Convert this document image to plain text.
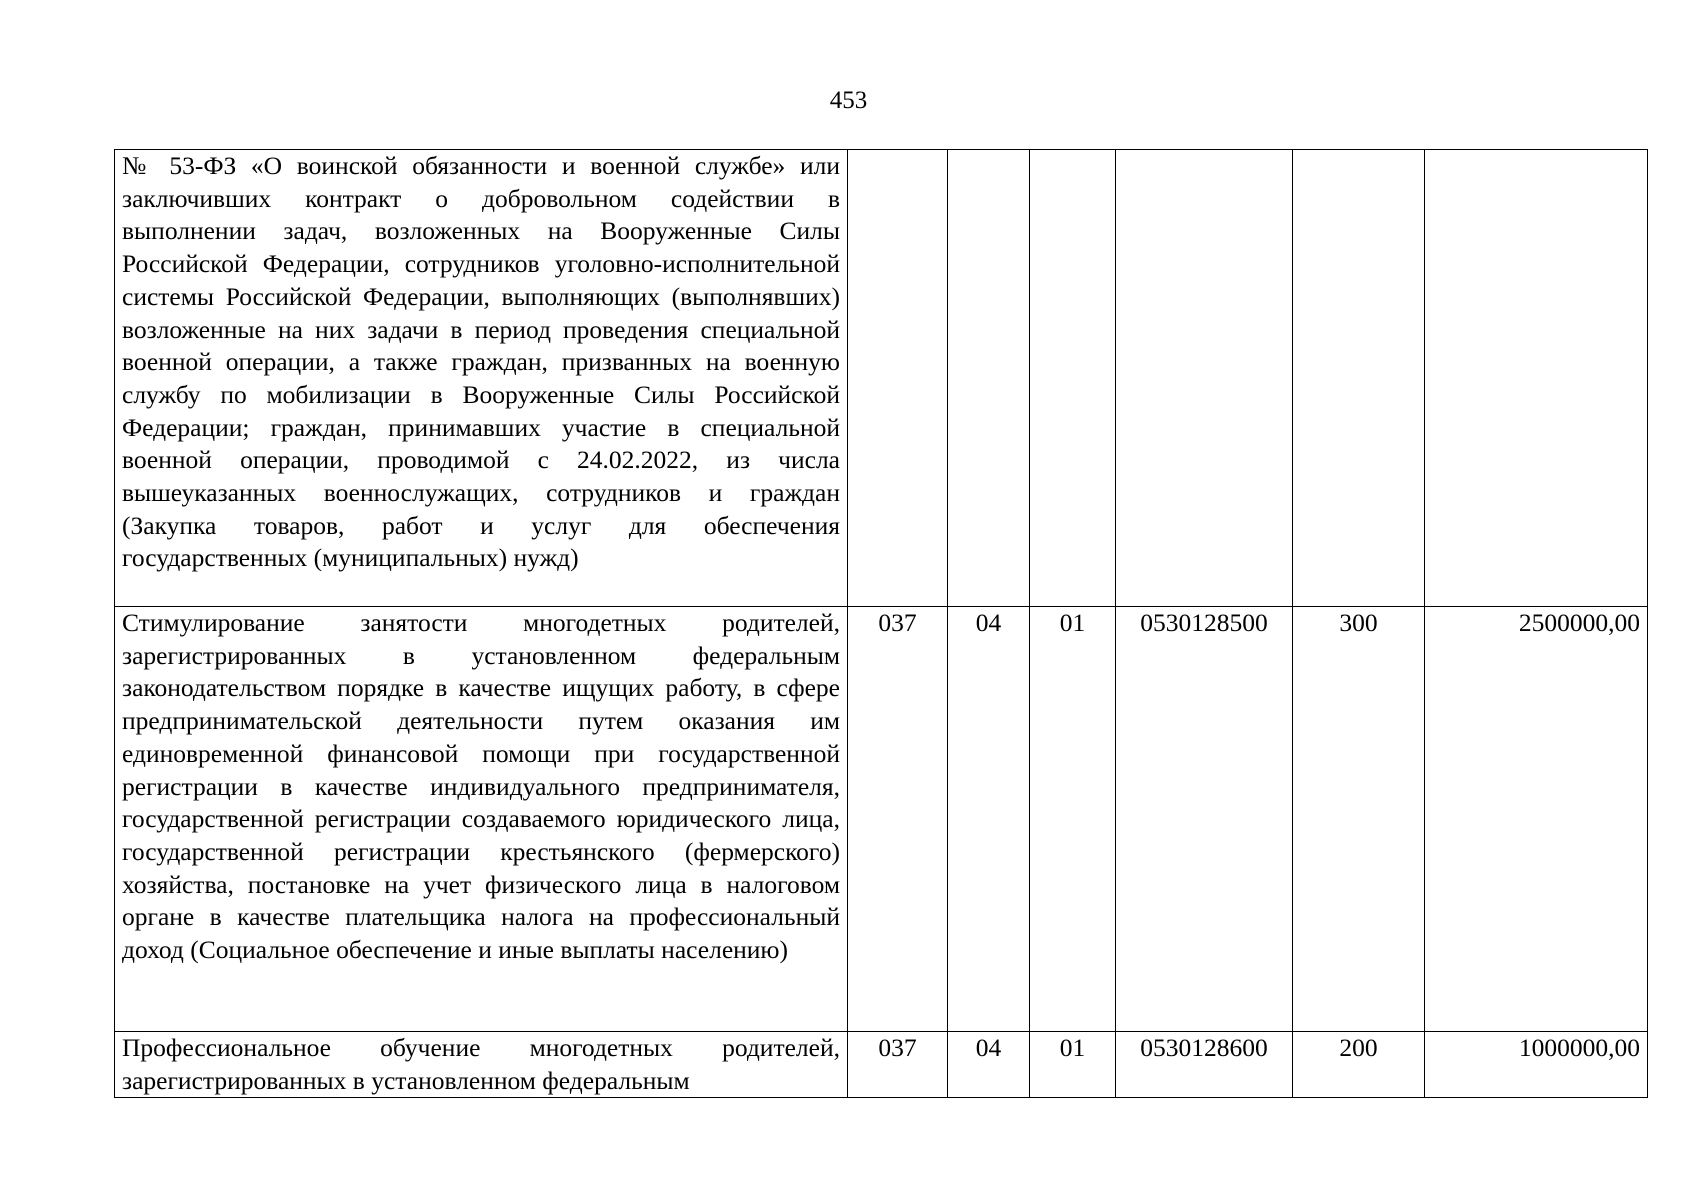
453
№ 53-ФЗ «О воинской обязанности и военной службе» или заключивших контракт о добровольном содействии в выполнении задач, возложенных на Вооруженные Силы Российской Федерации, сотрудников уголовно-исполнительной системы Российской Федерации, выполняющих (выполнявших) возложенные на них задачи в период проведения специальной военной операции, а также граждан, призванных на военную службу по мобилизации в Вооруженные Силы Российской Федерации; граждан, принимавших участие в специальной военной операции, проводимой с 24.02.2022, из числа вышеуказанных военнослужащих, сотрудников и граждан (Закупка товаров, работ и услуг для обеспечения государственных (муниципальных) нужд)						

Стимулирование занятости многодетных родителей, зарегистрированных в установленном федеральным законодательством порядке в качестве ищущих работу, в сфере предпринимательской деятельности путем оказания им единовременной финансовой помощи при государственной регистрации в качестве индивидуального предпринимателя, государственной регистрации создаваемого юридического лица, государственной регистрации крестьянского (фермерского) хозяйства, постановке на учет физического лица в налоговом органе в качестве плательщика налога на профессиональный доход (Социальное обеспечение и иные выплаты населению)	037	04	01	0530128500	300	2500000,00

Профессиональное обучение многодетных родителей, зарегистрированных в установленном федеральным	037	04	01	0530128600	200	1000000,00
